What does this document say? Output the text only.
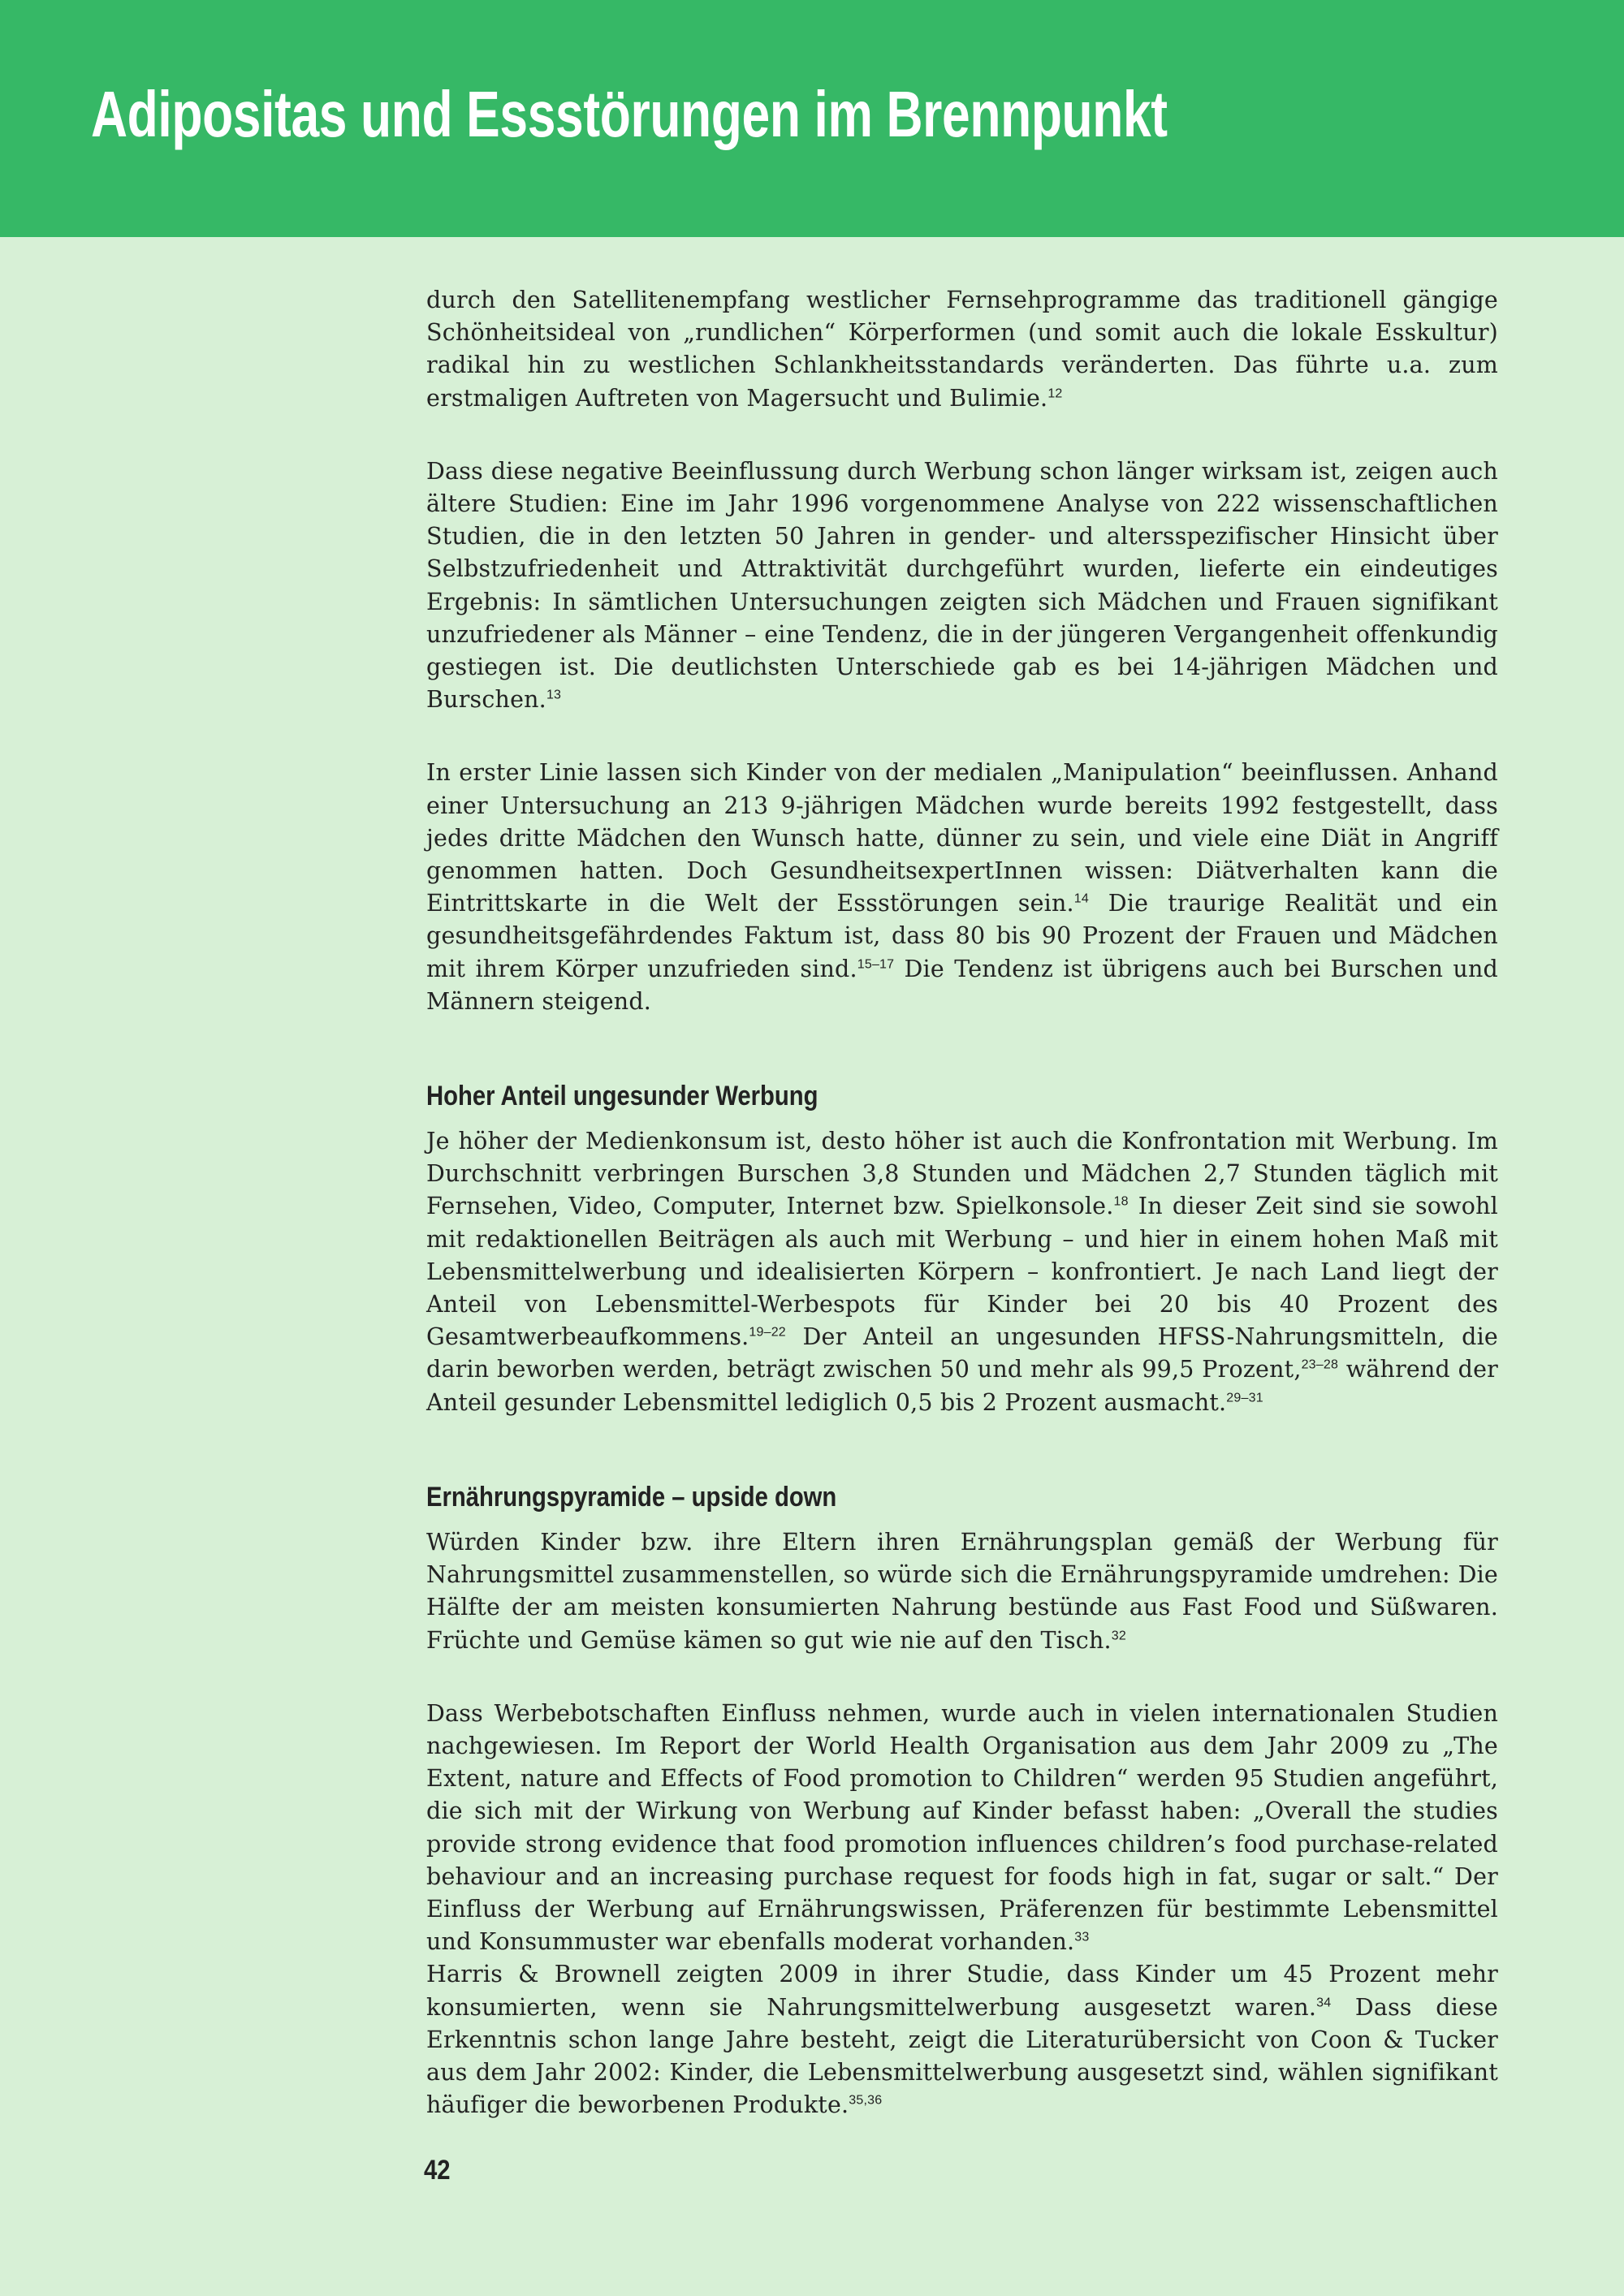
Adipositas und Essstörungen im Brennpunkt

durch den Satellitenempfang westlicher Fernsehprogramme das traditionell gängige Schönheitsideal von „rundlichen“ Körperformen (und somit auch die lokale Esskultur) radikal hin zu westlichen Schlankheitsstandards veränderten. Das führte u.a. zum erstmaligen Auftreten von Magersucht und Bulimie.$^{12}$

Dass diese negative Beeinflussung durch Werbung schon länger wirksam ist, zeigen auch ältere Studien: Eine im Jahr 1996 vorgenommene Analyse von 222 wissenschaftlichen Studien, die in den letzten 50 Jahren in gender- und altersspezifischer Hinsicht über Selbstzufriedenheit und Attraktivität durchgeführt wurden, lieferte ein eindeutiges Ergebnis: In sämtlichen Untersuchungen zeigten sich Mädchen und Frauen signifikant unzufriedener als Männer – eine Tendenz, die in der jüngeren Vergangenheit offenkundig gestiegen ist. Die deutlichsten Unterschiede gab es bei 14-jährigen Mädchen und Burschen.$^{13}$

In erster Linie lassen sich Kinder von der medialen „Manipulation“ beeinflussen. Anhand einer Untersuchung an 213 9-jährigen Mädchen wurde bereits 1992 festgestellt, dass jedes dritte Mädchen den Wunsch hatte, dünner zu sein, und viele eine Diät in Angriff genommen hatten. Doch GesundheitsexpertInnen wissen: Diätverhalten kann die Eintrittskarte in die Welt der Essstörungen sein.$^{14}$ Die traurige Realität und ein gesundheitsgefährdendes Faktum ist, dass 80 bis 90 Prozent der Frauen und Mädchen mit ihrem Körper unzufrieden sind.$^{15-17}$ Die Tendenz ist übrigens auch bei Burschen und Männern steigend.

Hoher Anteil ungesunder Werbung

Je höher der Medienkonsum ist, desto höher ist auch die Konfrontation mit Werbung. Im Durchschnitt verbringen Burschen 3,8 Stunden und Mädchen 2,7 Stunden täglich mit Fernsehen, Video, Computer, Internet bzw. Spielkonsole.$^{18}$ In dieser Zeit sind sie sowohl mit redaktionellen Beiträgen als auch mit Werbung – und hier in einem hohen Maß mit Lebensmittelwerbung und idealisierten Körpern – konfrontiert. Je nach Land liegt der Anteil von Lebensmittel-Werbespots für Kinder bei 20 bis 40 Prozent des Gesamtwerbeaufkommens.$^{19-22}$ Der Anteil an ungesunden HFSS-Nahrungsmitteln, die darin beworben werden, beträgt zwischen 50 und mehr als 99,5 Prozent,$^{23-28}$ während der Anteil gesunder Lebensmittel lediglich 0,5 bis 2 Prozent ausmacht.$^{29-31}$

Ernährungspyramide – upside down

Würden Kinder bzw. ihre Eltern ihren Ernährungsplan gemäß der Werbung für Nahrungsmittel zusammenstellen, so würde sich die Ernährungspyramide umdrehen: Die Hälfte der am meisten konsumierten Nahrung bestünde aus Fast Food und Süßwaren. Früchte und Gemüse kämen so gut wie nie auf den Tisch.$^{32}$

Dass Werbebotschaften Einfluss nehmen, wurde auch in vielen internationalen Studien nachgewiesen. Im Report der World Health Organisation aus dem Jahr 2009 zu „The Extent, nature and Effects of Food promotion to Children“ werden 95 Studien angeführt, die sich mit der Wirkung von Werbung auf Kinder befasst haben: „Overall the studies provide strong evidence that food promotion influences children’s food purchase-related behaviour and an increasing purchase request for foods high in fat, sugar or salt.“ Der Einfluss der Werbung auf Ernährungswissen, Präferenzen für bestimmte Lebensmittel und Konsummuster war ebenfalls moderat vorhanden.$^{33}$

Harris & Brownell zeigten 2009 in ihrer Studie, dass Kinder um 45 Prozent mehr konsumierten, wenn sie Nahrungsmittelwerbung ausgesetzt waren.$^{34}$ Dass diese Erkenntnis schon lange Jahre besteht, zeigt die Literaturübersicht von Coon & Tucker aus dem Jahr 2002: Kinder, die Lebensmittelwerbung ausgesetzt sind, wählen signifikant häufiger die beworbenen Produkte.$^{35,36}$

42
